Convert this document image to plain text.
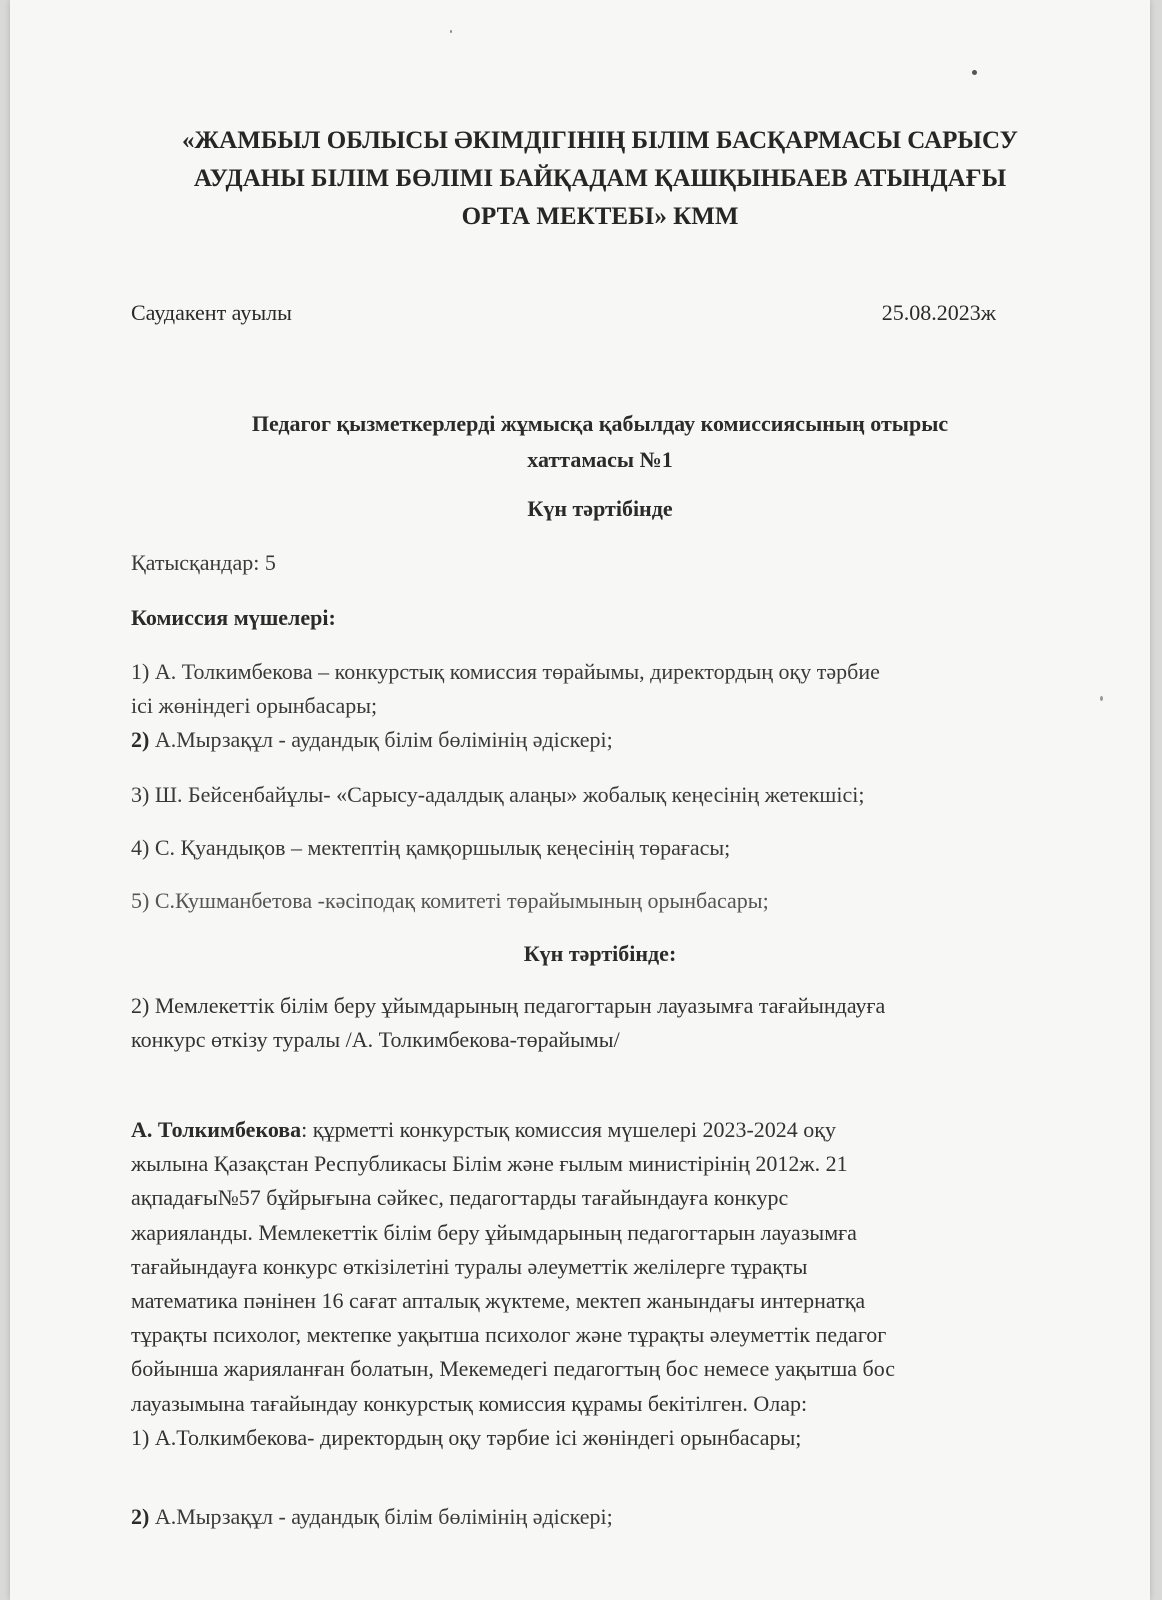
«ЖАМБЫЛ ОБЛЫСЫ ӘКІМДІГІНІҢ БІЛІМ БАСҚАРМАСЫ САРЫСУ
АУДАНЫ БІЛІМ БӨЛІМІ БАЙҚАДАМ ҚАШҚЫНБАЕВ АТЫНДАҒЫ
ОРТА МЕКТЕБІ» КММ
Саудакент ауылы	25.08.2023ж
Педагог қызметкерлерді жұмысқа қабылдау комиссиясының отырыс
хаттамасы №1
Күн тәртібінде
Қатысқандар: 5
Комиссия мүшелері:
1) А. Толкимбекова – конкурстық комиссия төрайымы, директордың оқу тәрбие
ісі жөніндегі орынбасары;
2) А.Мырзақұл - аудандық білім бөлімінің әдіскері;
3) Ш. Бейсенбайұлы- «Сарысу-адалдық алаңы» жобалық кеңесінің жетекшісі;
4) С. Қуандықов – мектептің қамқоршылық кеңесінің төрағасы;
5) С.Кушманбетова -кәсіподақ комитеті төрайымының орынбасары;
Күн тәртібінде:
2) Мемлекеттік білім беру ұйымдарының педагогтарын лауазымға тағайындауға
конкурс өткізу туралы /А. Толкимбекова-төрайымы/
А. Толкимбекова: құрметті конкурстық комиссия мүшелері 2023-2024 оқу
жылына Қазақстан Республикасы Білім және ғылым министірінің 2012ж. 21
ақпадағы№57 бұйрығына сәйкес, педагогтарды тағайындауға конкурс
жарияланды. Мемлекеттік білім беру ұйымдарының педагогтарын лауазымға
тағайындауға конкурс өткізілетіні туралы әлеуметтік желілерге тұрақты
математика пәнінен 16 сағат апталық жүктеме, мектеп жанындағы интернатқа
тұрақты психолог, мектепке уақытша психолог және тұрақты әлеуметтік педагог
бойынша жарияланған болатын, Мекемедегі педагогтың бос немесе уақытша бос
лауазымына тағайындау конкурстық комиссия құрамы бекітілген. Олар:
1) А.Толкимбекова- директордың оқу тәрбие ісі жөніндегі орынбасары;
2) А.Мырзақұл - аудандық білім бөлімінің әдіскері;
